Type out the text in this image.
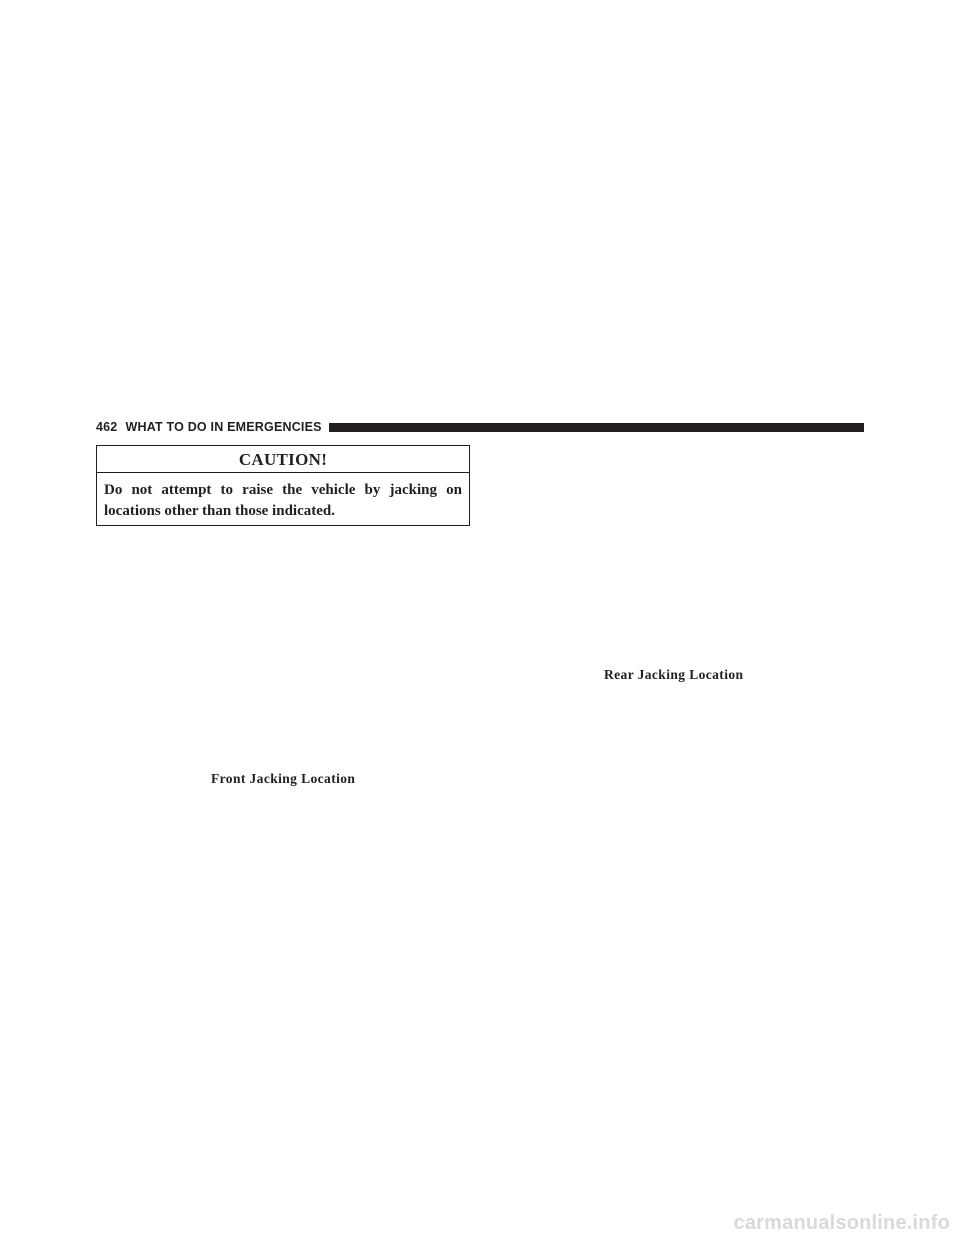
462 WHAT TO DO IN EMERGENCIES
CAUTION!
Do not attempt to raise the vehicle by jacking on locations other than those indicated.
Rear Jacking Location
Front Jacking Location
carmanualsonline.info
